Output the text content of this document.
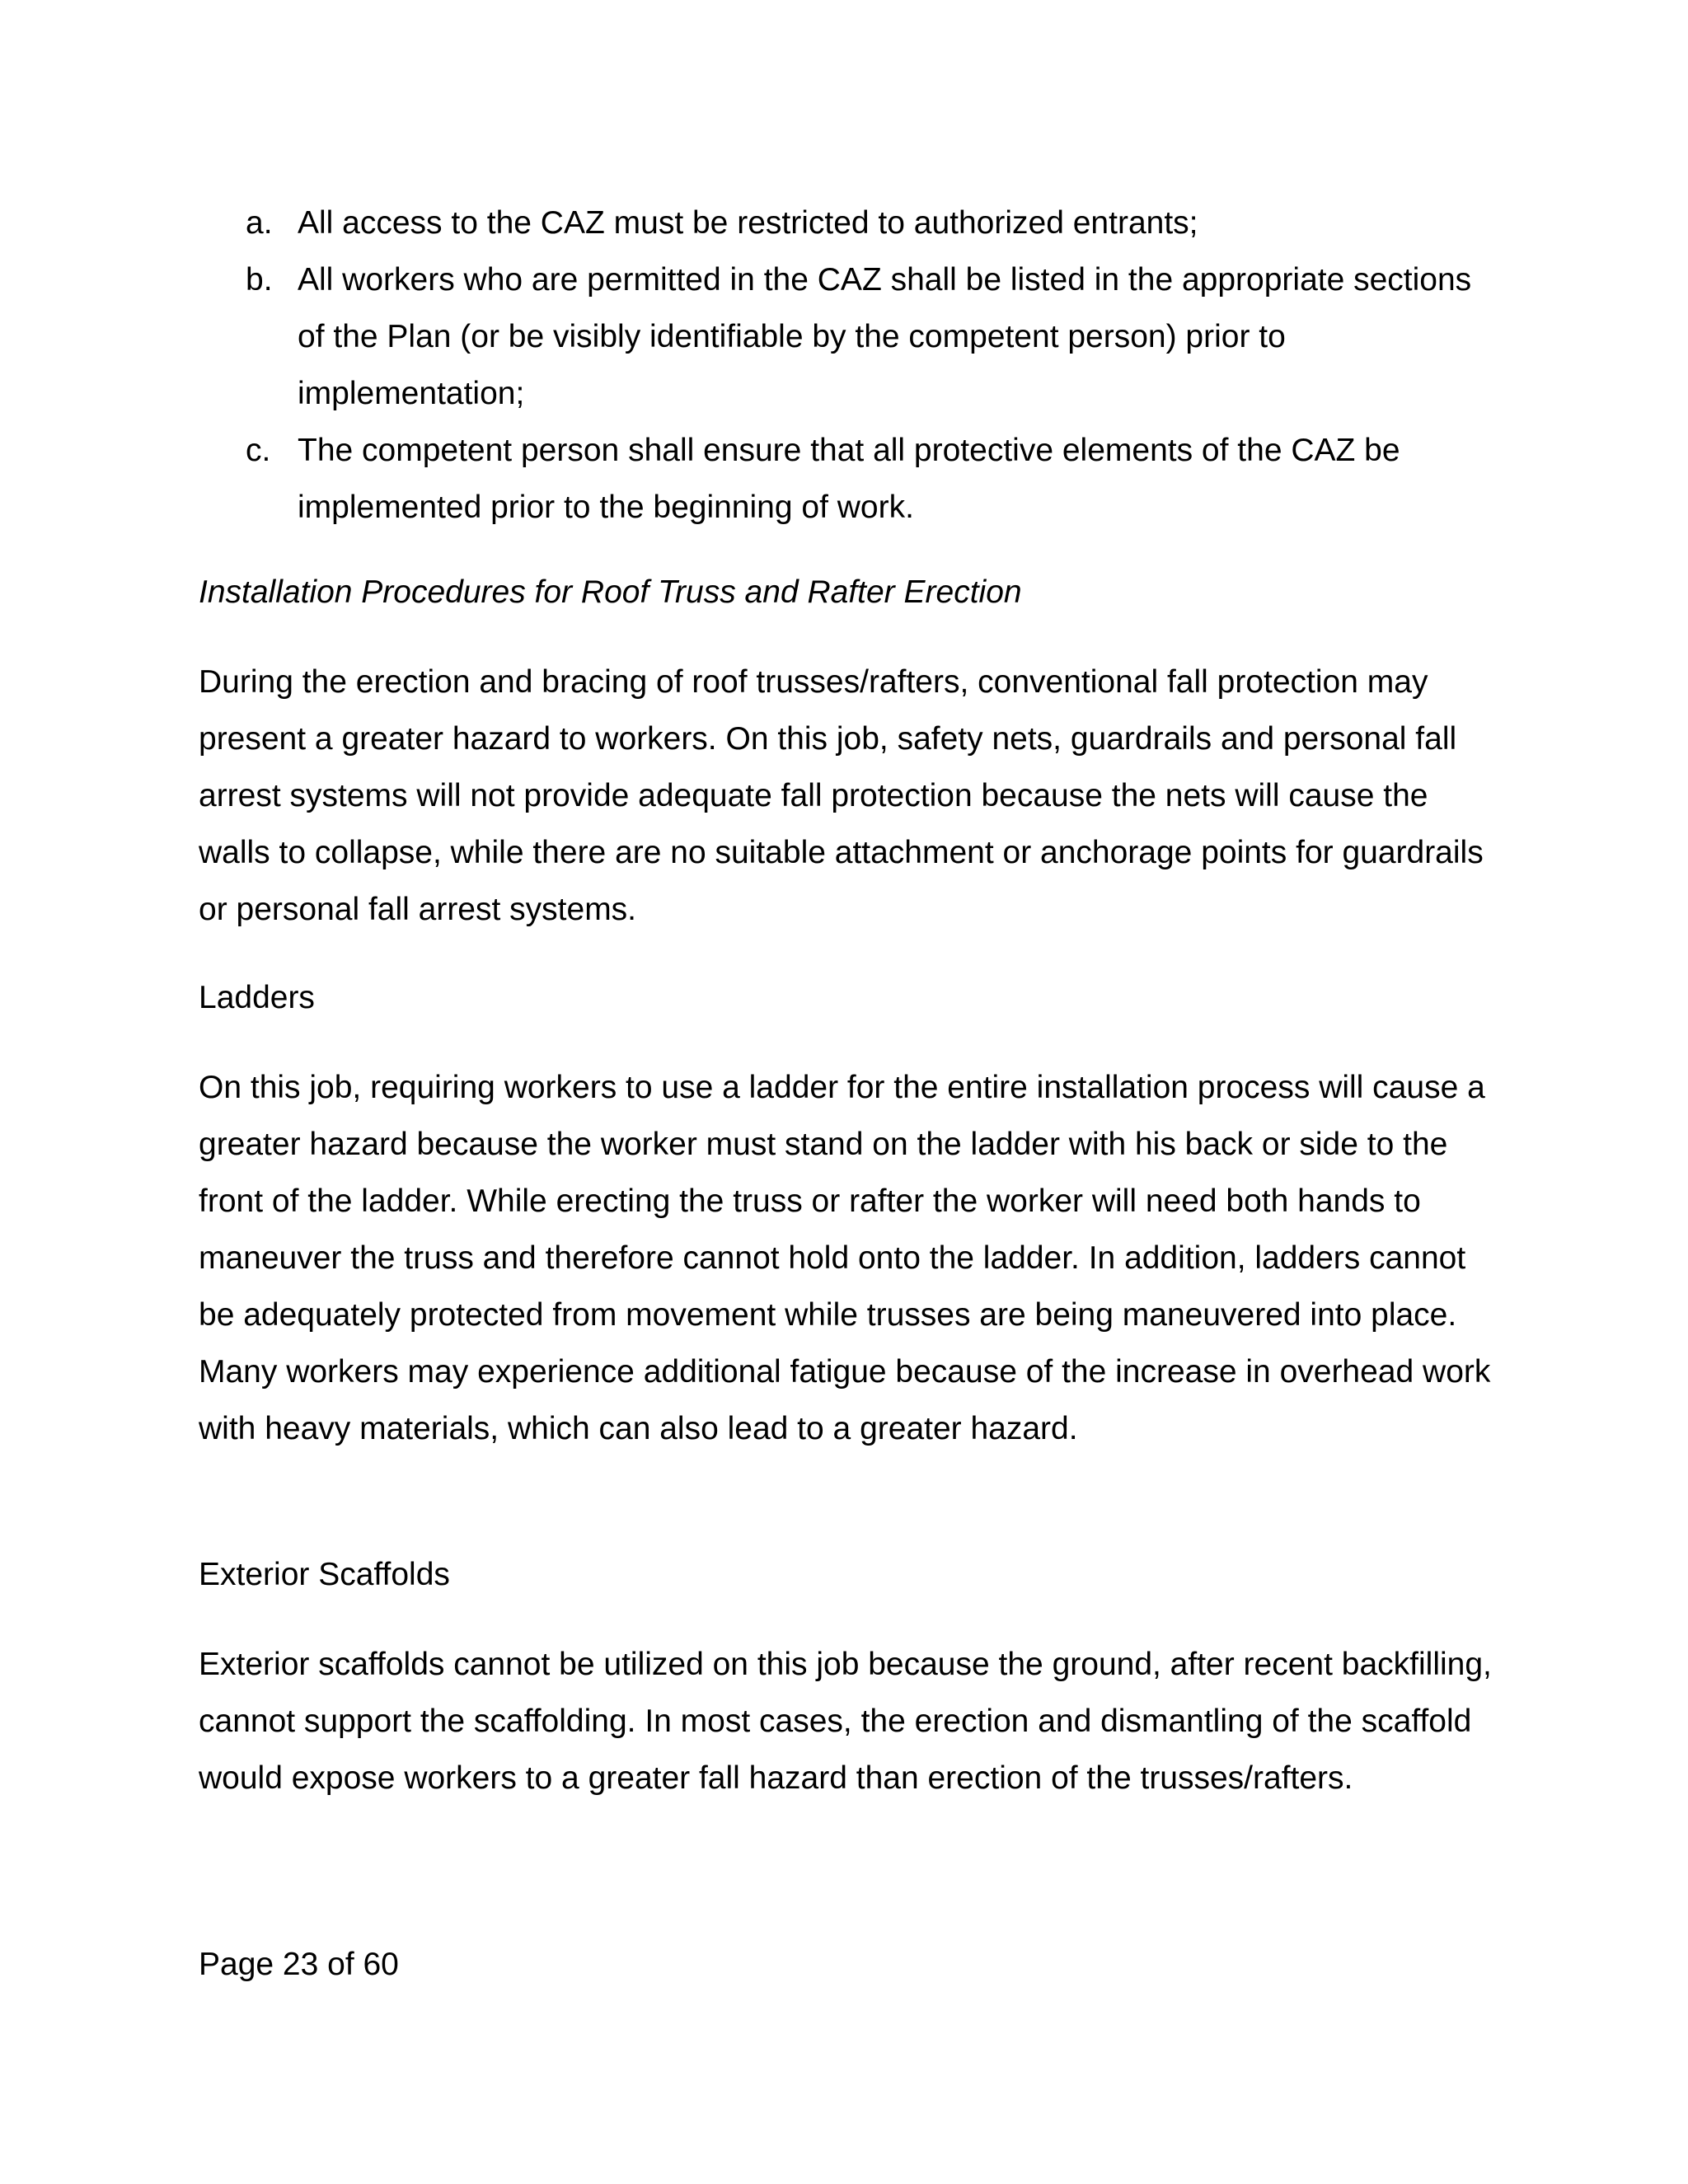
a. All access to the CAZ must be restricted to authorized entrants;
b. All workers who are permitted in the CAZ shall be listed in the appropriate sections of the Plan (or be visibly identifiable by the competent person) prior to implementation;
c. The competent person shall ensure that all protective elements of the CAZ be implemented prior to the beginning of work.
Installation Procedures for Roof Truss and Rafter Erection

During the erection and bracing of roof trusses/rafters, conventional fall protection may present a greater hazard to workers. On this job, safety nets, guardrails and personal fall arrest systems will not provide adequate fall protection because the nets will cause the walls to collapse, while there are no suitable attachment or anchorage points for guardrails or personal fall arrest systems.

Ladders

On this job, requiring workers to use a ladder for the entire installation process will cause a greater hazard because the worker must stand on the ladder with his back or side to the front of the ladder. While erecting the truss or rafter the worker will need both hands to maneuver the truss and therefore cannot hold onto the ladder. In addition, ladders cannot be adequately protected from movement while trusses are being maneuvered into place. Many workers may experience additional fatigue because of the increase in overhead work with heavy materials, which can also lead to a greater hazard.

Exterior Scaffolds

Exterior scaffolds cannot be utilized on this job because the ground, after recent backfilling, cannot support the scaffolding. In most cases, the erection and dismantling of the scaffold would expose workers to a greater fall hazard than erection of the trusses/rafters.

Page 23 of 60
